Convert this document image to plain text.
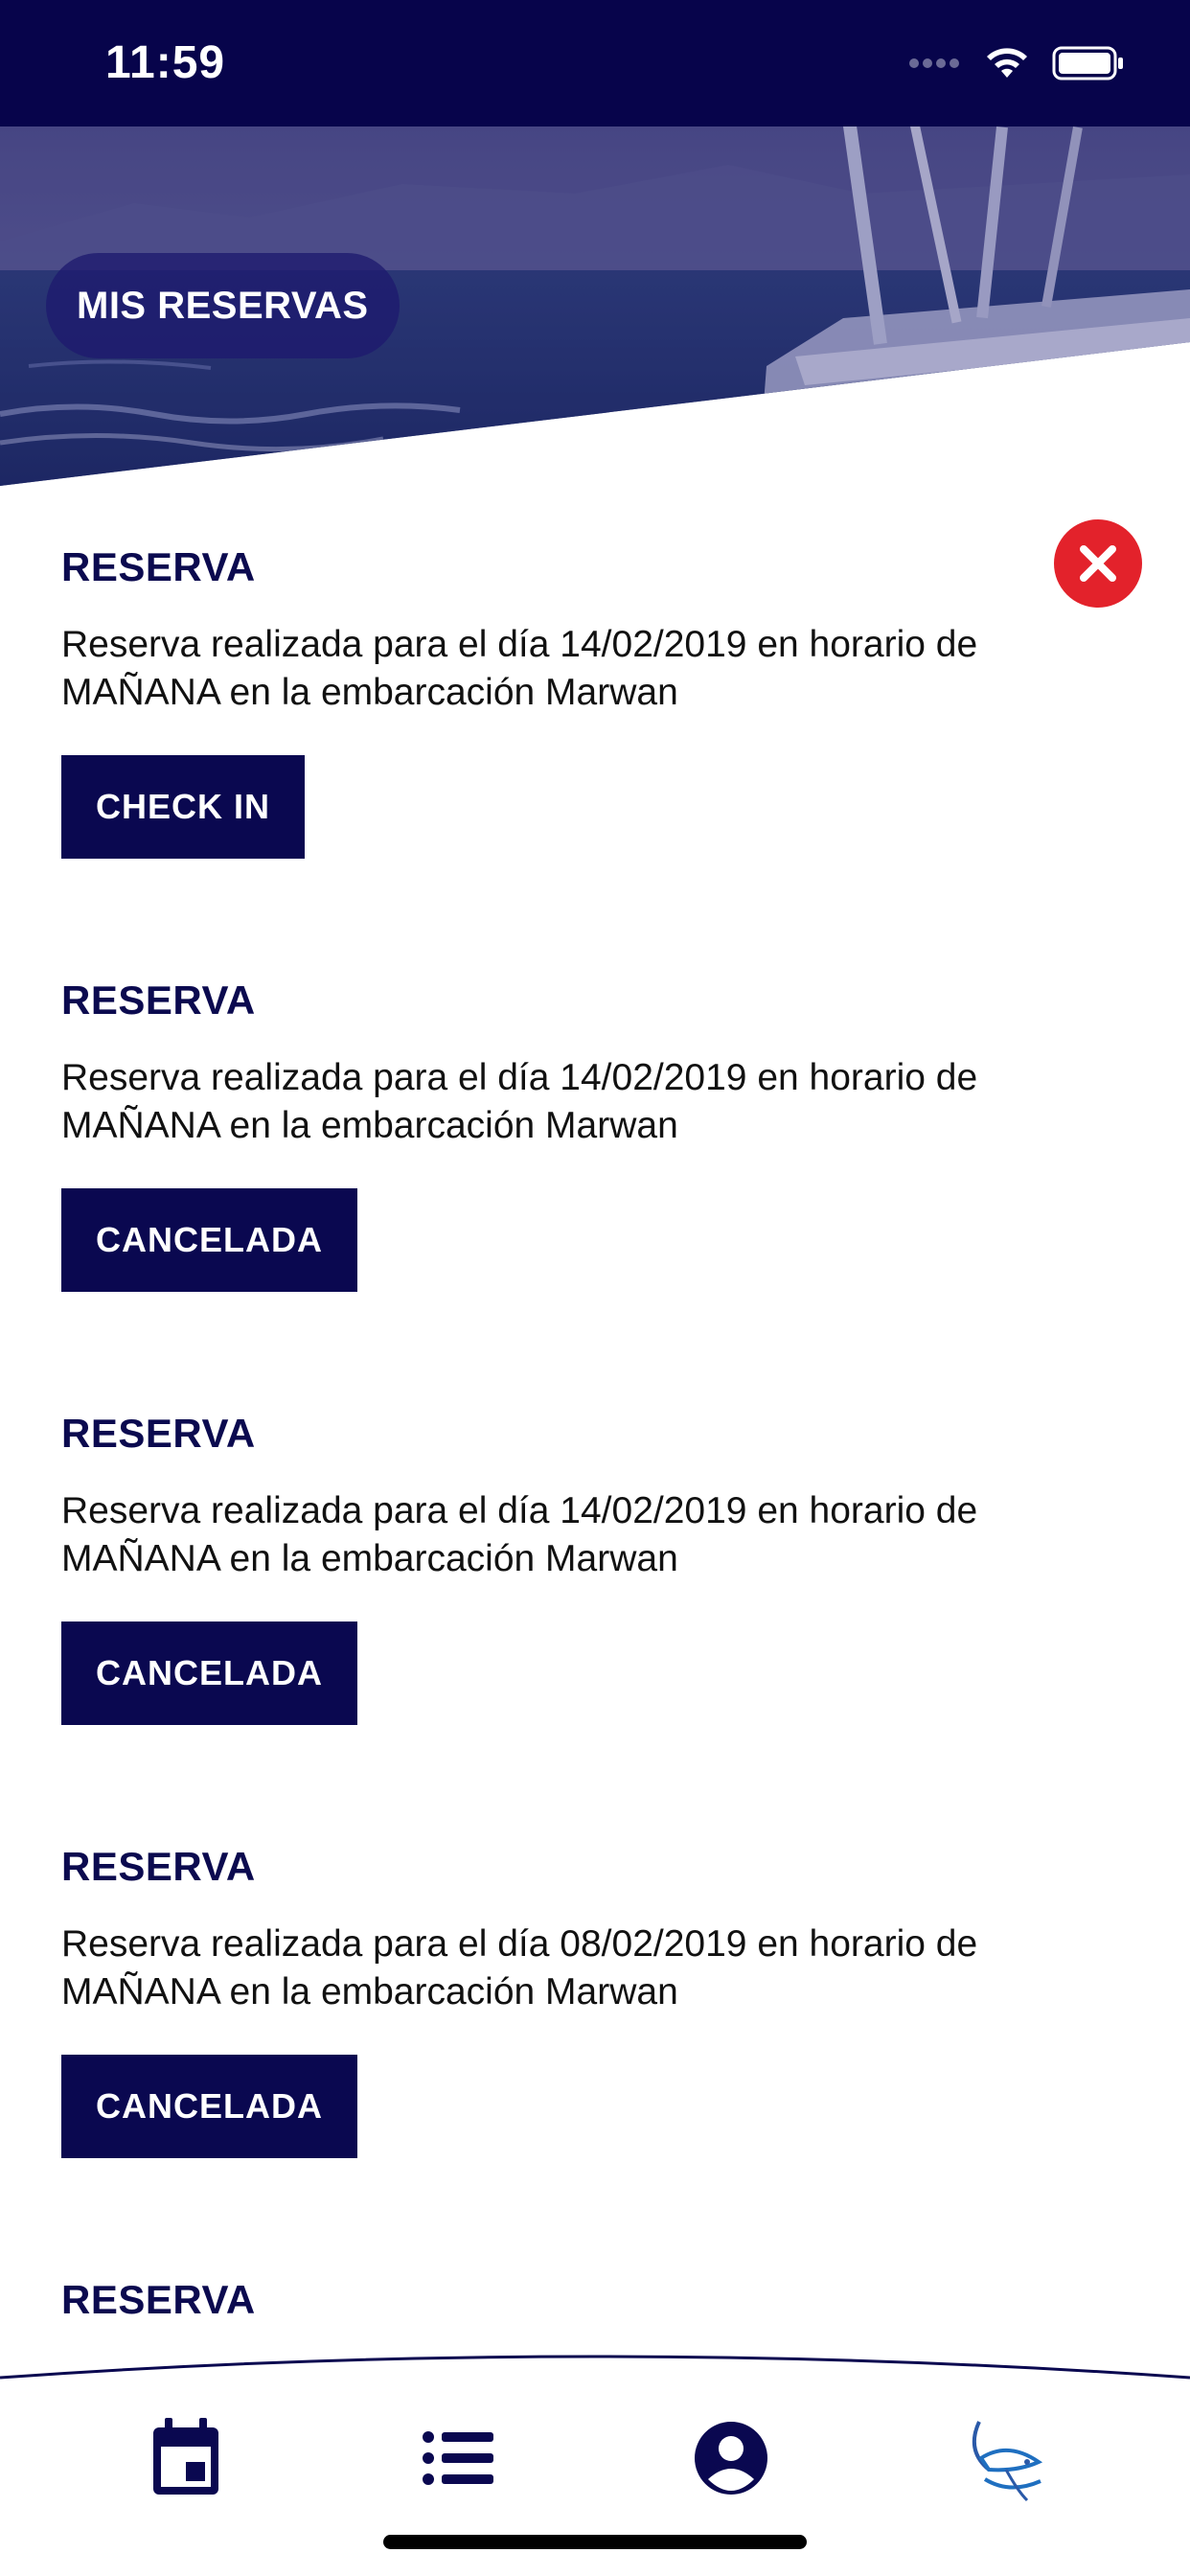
11:59
MIS RESERVAS
RESERVA
Reserva realizada para el día 14/02/2019 en horario de MAÑANA en la embarcación Marwan
CHECK IN
RESERVA
Reserva realizada para el día 14/02/2019 en horario de MAÑANA en la embarcación Marwan
CANCELADA
RESERVA
Reserva realizada para el día 14/02/2019 en horario de MAÑANA en la embarcación Marwan
CANCELADA
RESERVA
Reserva realizada para el día 08/02/2019 en horario de MAÑANA en la embarcación Marwan
CANCELADA
RESERVA
